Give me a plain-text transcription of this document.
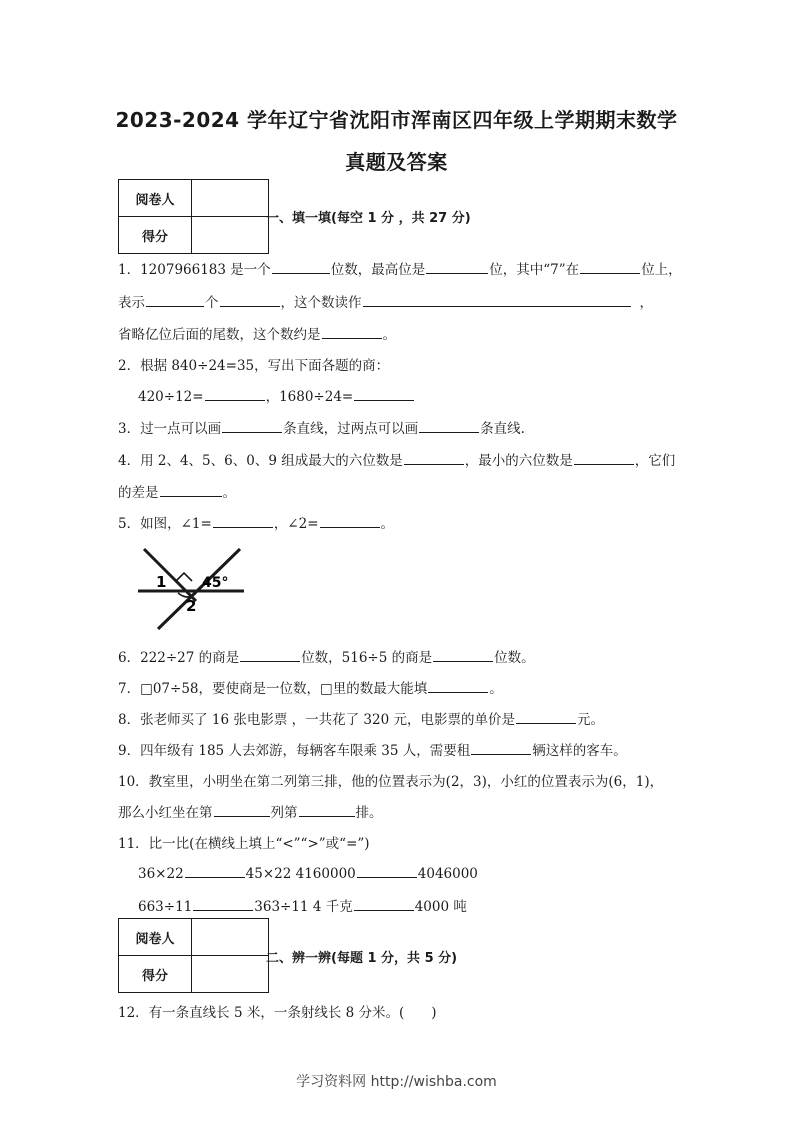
2023-2024 学年辽宁省沈阳市浑南区四年级上学期期末数学
真题及答案
阅卷人	
得分	
一、填一填(每空 1 分 ，共 27 分)
1．1207966183 是一个	位数，最高位是	位，其中“7”在	位上，
表示	个	，这个数读作	，
省略亿位后面的尾数，这个数约是	。
2．根据 840÷24=35，写出下面各题的商：
420÷12=	，1680÷24=
3．过一点可以画	条直线，过两点可以画	条直线.
4．用 2、4、5、6、0、9 组成最大的六位数是	，最小的六位数是	，它们
的差是	。
5．如图，∠1=	，∠2=	。
1
2
45°
6．222÷27 的商是	位数，516÷5 的商是	位数。
7．□07÷58，要使商是一位数，□里的数最大能填	。
8．张老师买了 16 张电影票 ，一共花了 320 元，电影票的单价是	元。
9．四年级有 185 人去郊游，每辆客车限乘 35 人，需要租	辆这样的客车。
10．教室里，小明坐在第二列第三排，他的位置表示为(2，3)，小红的位置表示为(6，1)，
那么小红坐在第	列第	排。
11．比一比(在横线上填上“<”“>”或“=”)
36×22	45×22 4160000	4046000
663÷11	363÷11 4 千克	4000 吨
阅卷人	
得分	
二、辨一辨(每题 1 分，共 5 分)
12．有一条直线长 5 米，一条射线长 8 分米。(　　)
学习资料网 http://wishba.com
